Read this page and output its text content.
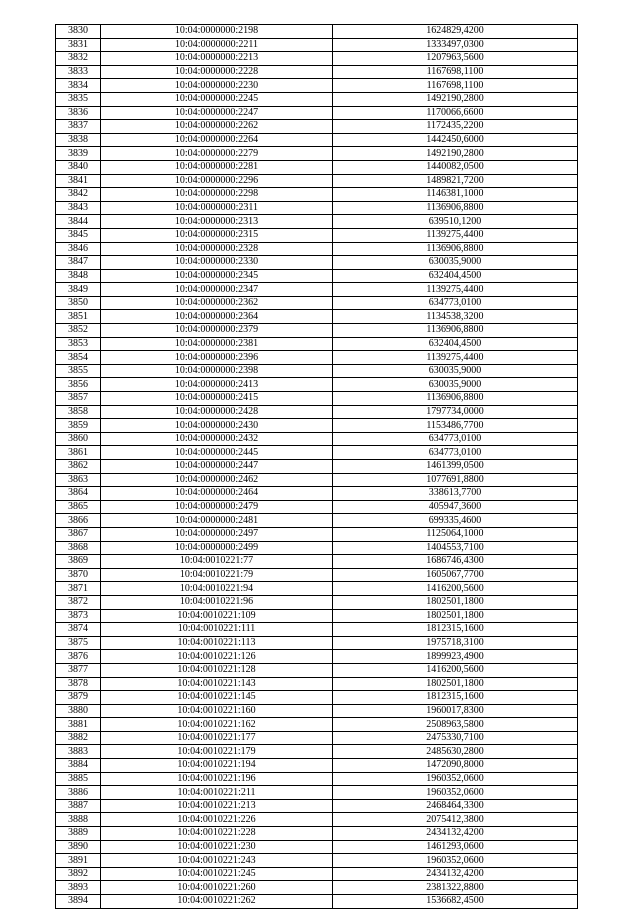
3830	10:04:0000000:2198	1624829,4200
3831	10:04:0000000:2211	1333497,0300
3832	10:04:0000000:2213	1207963,5600
3833	10:04:0000000:2228	1167698,1100
3834	10:04:0000000:2230	1167698,1100
3835	10:04:0000000:2245	1492190,2800
3836	10:04:0000000:2247	1170066,6600
3837	10:04:0000000:2262	1172435,2200
3838	10:04:0000000:2264	1442450,6000
3839	10:04:0000000:2279	1492190,2800
3840	10:04:0000000:2281	1440082,0500
3841	10:04:0000000:2296	1489821,7200
3842	10:04:0000000:2298	1146381,1000
3843	10:04:0000000:2311	1136906,8800
3844	10:04:0000000:2313	639510,1200
3845	10:04:0000000:2315	1139275,4400
3846	10:04:0000000:2328	1136906,8800
3847	10:04:0000000:2330	630035,9000
3848	10:04:0000000:2345	632404,4500
3849	10:04:0000000:2347	1139275,4400
3850	10:04:0000000:2362	634773,0100
3851	10:04:0000000:2364	1134538,3200
3852	10:04:0000000:2379	1136906,8800
3853	10:04:0000000:2381	632404,4500
3854	10:04:0000000:2396	1139275,4400
3855	10:04:0000000:2398	630035,9000
3856	10:04:0000000:2413	630035,9000
3857	10:04:0000000:2415	1136906,8800
3858	10:04:0000000:2428	1797734,0000
3859	10:04:0000000:2430	1153486,7700
3860	10:04:0000000:2432	634773,0100
3861	10:04:0000000:2445	634773,0100
3862	10:04:0000000:2447	1461399,0500
3863	10:04:0000000:2462	1077691,8800
3864	10:04:0000000:2464	338613,7700
3865	10:04:0000000:2479	405947,3600
3866	10:04:0000000:2481	699335,4600
3867	10:04:0000000:2497	1125064,1000
3868	10:04:0000000:2499	1404553,7100
3869	10:04:0010221:77	1686746,4300
3870	10:04:0010221:79	1605067,7700
3871	10:04:0010221:94	1416200,5600
3872	10:04:0010221:96	1802501,1800
3873	10:04:0010221:109	1802501,1800
3874	10:04:0010221:111	1812315,1600
3875	10:04:0010221:113	1975718,3100
3876	10:04:0010221:126	1899923,4900
3877	10:04:0010221:128	1416200,5600
3878	10:04:0010221:143	1802501,1800
3879	10:04:0010221:145	1812315,1600
3880	10:04:0010221:160	1960017,8300
3881	10:04:0010221:162	2508963,5800
3882	10:04:0010221:177	2475330,7100
3883	10:04:0010221:179	2485630,2800
3884	10:04:0010221:194	1472090,8000
3885	10:04:0010221:196	1960352,0600
3886	10:04:0010221:211	1960352,0600
3887	10:04:0010221:213	2468464,3300
3888	10:04:0010221:226	2075412,3800
3889	10:04:0010221:228	2434132,4200
3890	10:04:0010221:230	1461293,0600
3891	10:04:0010221:243	1960352,0600
3892	10:04:0010221:245	2434132,4200
3893	10:04:0010221:260	2381322,8800
3894	10:04:0010221:262	1536682,4500
